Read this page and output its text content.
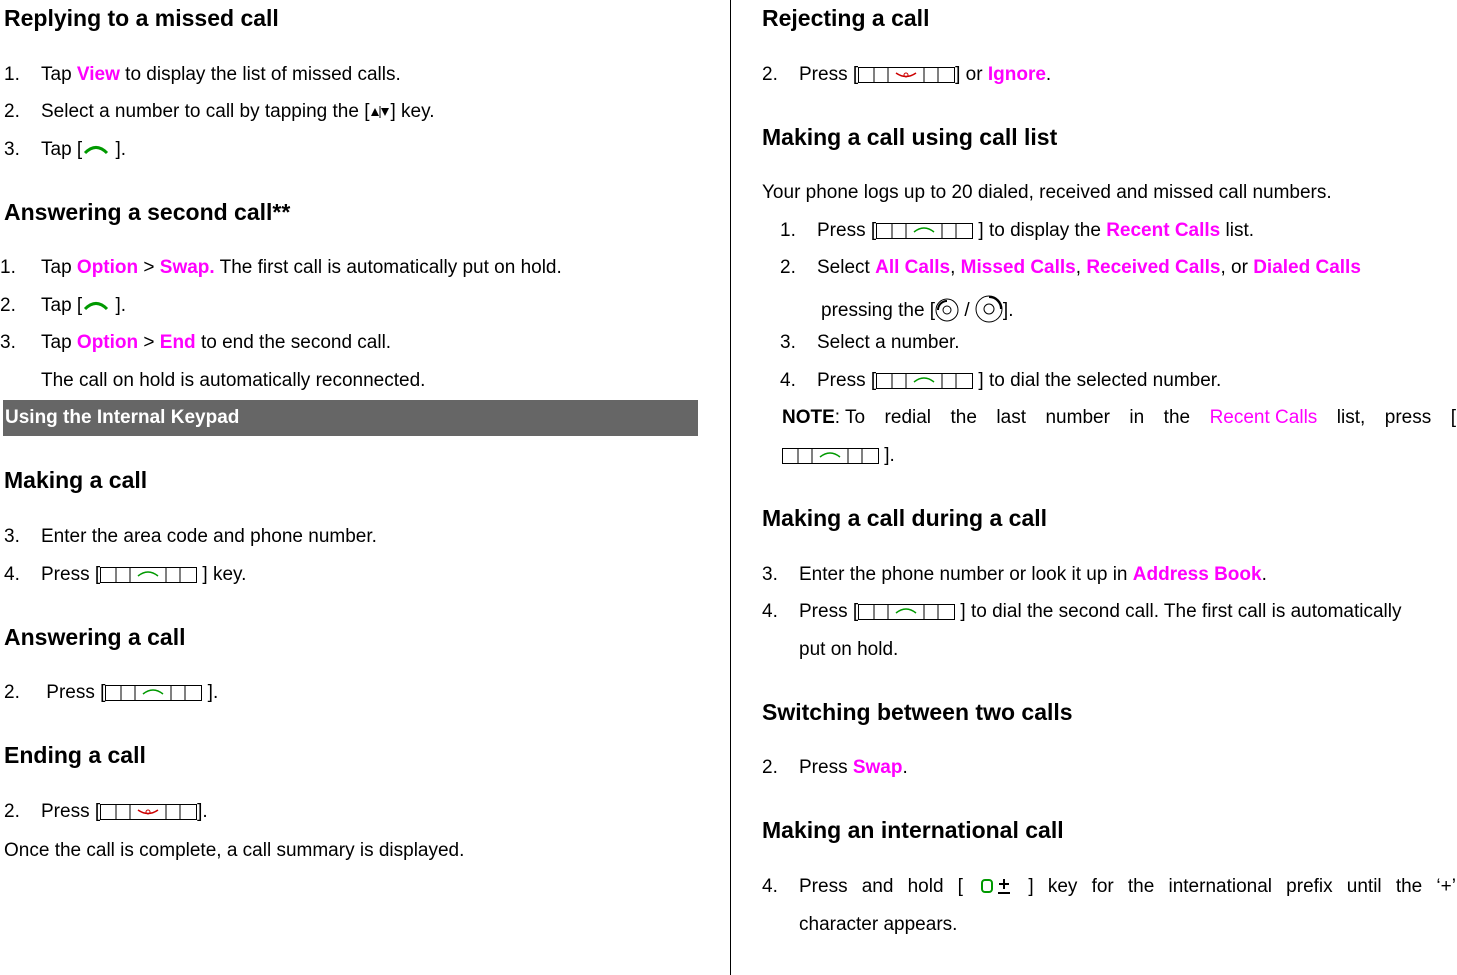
Replying to a missed call
1. Tap View to display the list of missed calls.
2. Select a number to call by tapping the [ ] key.
3. Tap [ ].
Answering a second call**
1. Tap Option > Swap. The first call is automatically put on hold.
2. Tap [ ].
3. Tap Option > End to end the second call.
The call on hold is automatically reconnected.
Using the Internal Keypad
Making a call
3. Enter the area code and phone number.
4. Press [	] key.
Answering a call
2. Press [	].
Ending a call
2. Press [	].
Once the call is complete, a call summary is displayed.
Rejecting a call
2. Press [	] or Ignore.
Making a call using call list
Your phone logs up to 20 dialed, received and missed call numbers.
1. Press [	] to display the Recent Calls list.
2. Select All Calls, Missed Calls, Received Calls, or Dialed Calls
pressing the [ / ].
3. Select a number.
4. Press [	] to dial the selected number.
NOTE: To redial the last number in the Recent Calls list, press [
].
Making a call during a call
3. Enter the phone number or look it up in Address Book.
4. Press [	] to dial the second call. The first call is automatically
put on hold.
Switching between two calls
2. Press Swap.
Making an international call
4. Press and hold [	] key for the international prefix until the ‘+’
character appears.
